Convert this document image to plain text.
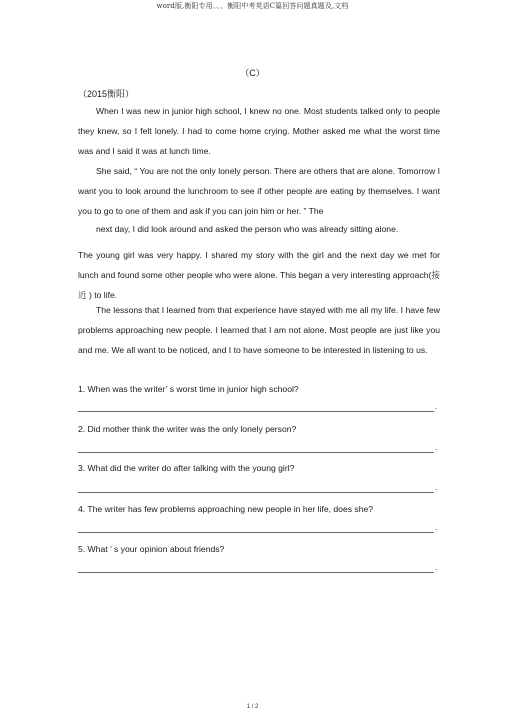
word版,衡阳专用、、、衡阳中考英语C篇回答问题真题及,文档
（C）
（2015衡阳）
When I was new in junior high school, I knew no one. Most students talked only to people they knew, so I felt lonely. I had to come home crying. Mother asked me what the worst time was and I said it was at lunch time.
She said, “ You are not the only lonely person. There are others that are alone. Tomorrow I want you to look around the lunchroom to see if other people are eating by themselves. I want you to go to one of them and ask if you can join him or her. ” The
next day, I did look around and asked the person who was already sitting alone.
The young girl was very happy. I shared my story with the girl and the next day we met for lunch and found some other people who were alone. This began a very interesting approach(接近 ) to life.
The lessons that I learned from that experience have stayed with me all my life. I have few problems approaching new people. I learned that I am not alone. Most people are just like you and me. We all want to be noticed, and I to have someone to be interested in listening to us.
1. When was the writer’ s worst time in junior high school?
.
2. Did mother think the writer was the only lonely person?
.
3. What did the writer do after talking with the young girl?
.
4. The writer has few problems approaching new people in her life, does she?
.
5. What ’ s your opinion about friends?
.
1 / 2
